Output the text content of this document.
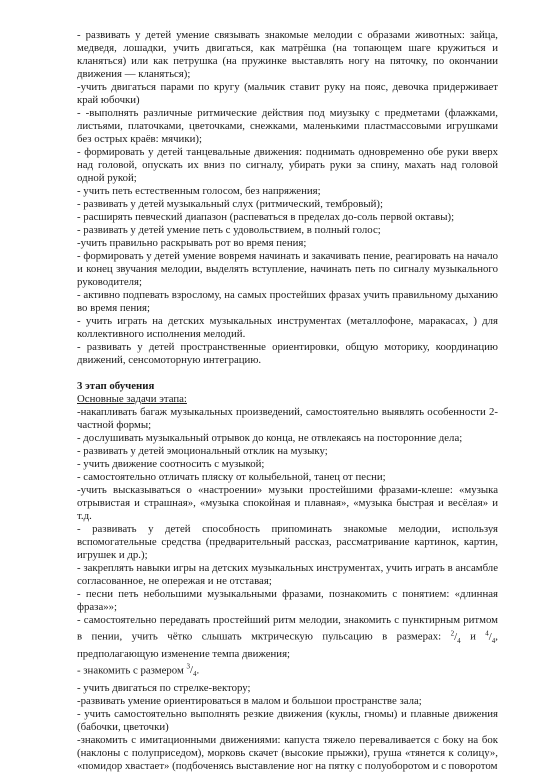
- развивать у детей умение связывать знакомые мелодии с образами животных: зайца, медведя, лошадки, учить двигаться, как матрёшка (на топающем шаге кружиться и кланяться) или как петрушка (на пружинке выставлять ногу на пяточку, по окончании движения — кланяться);

-учить двигаться парами по кругу (мальчик ставит руку на пояс, девочка придерживает край юбочки)

- -выполнять различные ритмические действия под миузыку с предметами (флажками, листьями, платочками, цветочками, снежками, маленькими пластмассовыми игрушками без острых краёв: мячики);

- формировать у детей танцевальные движения: поднимать одновременно обе руки вверх над головой, опускать их вниз по сигналу, убирать руки за спину, махать над головой одной рукой;

- учить петь естественным голосом, без напряжения;

- развивать у детей музыкальный слух (ритмический, тембровый);

- расширять певческий диапазон (распеваться в пределах до-соль первой октавы);

- развивать у детей умение петь с удовольствием, в полный голос;

-учить правильно раскрывать рот во время пения;

- формировать у детей умение вовремя начинать и закачивать пение, реагировать на начало и конец звучания мелодии, выделять вступление, начинать петь по сигналу музыкального руководителя;

- активно подпевать взрослому, на самых простейших фразах учить правильному дыханию во время пения;

- учить играть на детских музыкальных инструментах (металлофоне, маракасах, ) для коллективного исполнения мелодий.

- развивать у детей пространственные ориентировки, общую моторику, координацию движений, сенсомоторную интеграцию.

3 этап обучения

Основные задачи этапа:

-накапливать багаж музыкальных произведений, самостоятельно выявлять особенности 2-частной формы;

- дослушивать музыкальный отрывок до конца, не отвлекаясь на посторонние дела;

- развивать у детей эмоциональный отклик на музыку;

- учить движение соотносить с музыкой;

- самостоятельно отличать пляску от колыбельной, танец от песни;

-учить высказываться о «настроении» музыки простейшими фразами-клеше: «музыка отрывистая и страшная», «музыка спокойная и плавная», «музыка быстрая и весёлая» и т.д.

- развивать у детей способность припоминать знакомые мелодии, используя вспомогательные средства (предварительный рассказ, рассматривание картинок, картин, игрушек и др.);

- закреплять навыки игры на детских музыкальных инструментах, учить играть в ансамбле согласованное, не опережая и не отставая;

- песни петь небольшими музыкальными фразами, познакомить с понятием: «длинная фраза»»;

- самостоятельно передавать простейший ритм мелодии, знакомить с пунктирным ритмом в пении, учить чётко слышать мктрическую пульсацию в размерах: $^2/_4$ и $^4/_4$, предполагающую изменение темпа движения;

- знакомить с размером $^3/_4$.

- учить двигаться по стрелке-вектору;

-развивать умение ориентироваться в малом и большои пространстве зала;

- учить самостоятельно выполнять резкие движения (куклы, гномы) и плавные движения (бабочки, цветочки)

-знакомить с имитационными движениями: капуста тяжело переваливается с боку на бок (наклоны с полуприседом), морковь скачет (высокие прыжки), груша «тянется к солицу», «помидор хвастает» (подбоченясь выставление ног на пятку с полуоборотом и с поворотом
